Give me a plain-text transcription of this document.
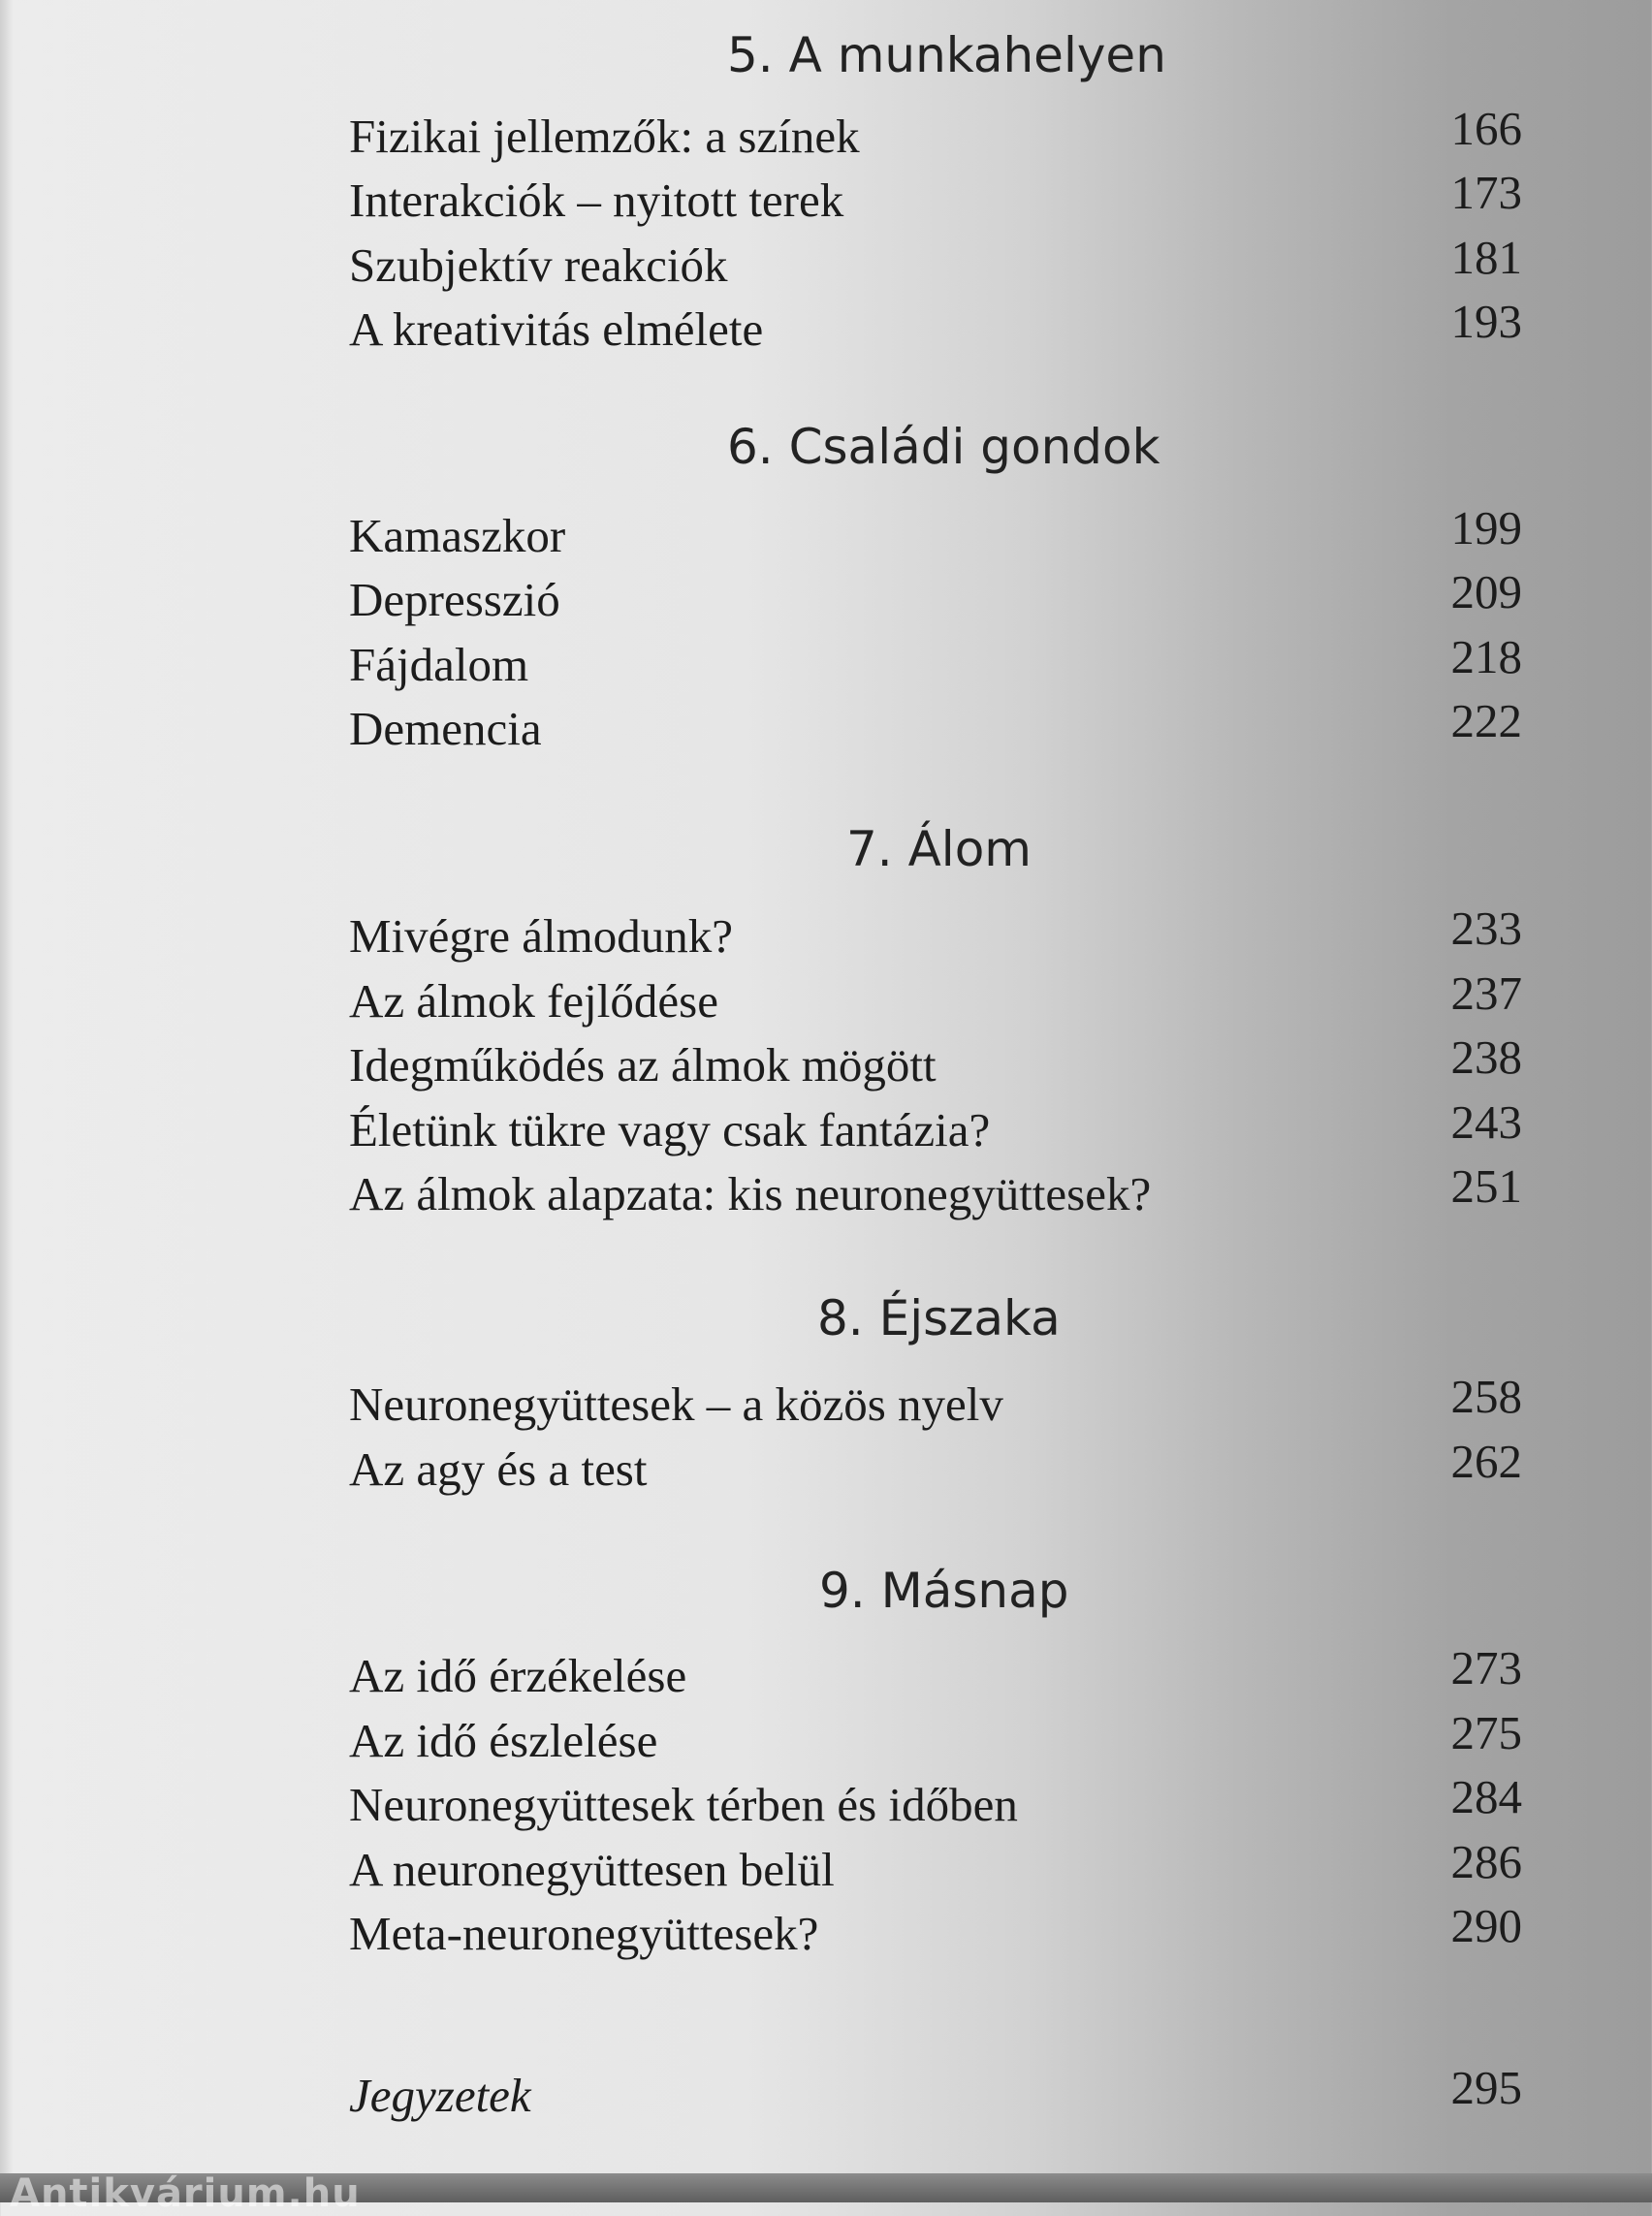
5. A munkahelyen
Fizikai jellemzők: a színek	166
Interakciók – nyitott terek	173
Szubjektív reakciók	181
A kreativitás elmélete	193
6. Családi gondok
Kamaszkor	199
Depresszió	209
Fájdalom	218
Demencia	222
7. Álom
Mivégre álmodunk?	233
Az álmok fejlődése	237
Idegműködés az álmok mögött	238
Életünk tükre vagy csak fantázia?	243
Az álmok alapzata: kis neuronegyüttesek?	251
8. Éjszaka
Neuronegyüttesek – a közös nyelv	258
Az agy és a test	262
9. Másnap
Az idő érzékelése	273
Az idő észlelése	275
Neuronegyüttesek térben és időben	284
A neuronegyüttesen belül	286
Meta-neuronegyüttesek?	290
Jegyzetek	295
Antikvárium.hu
